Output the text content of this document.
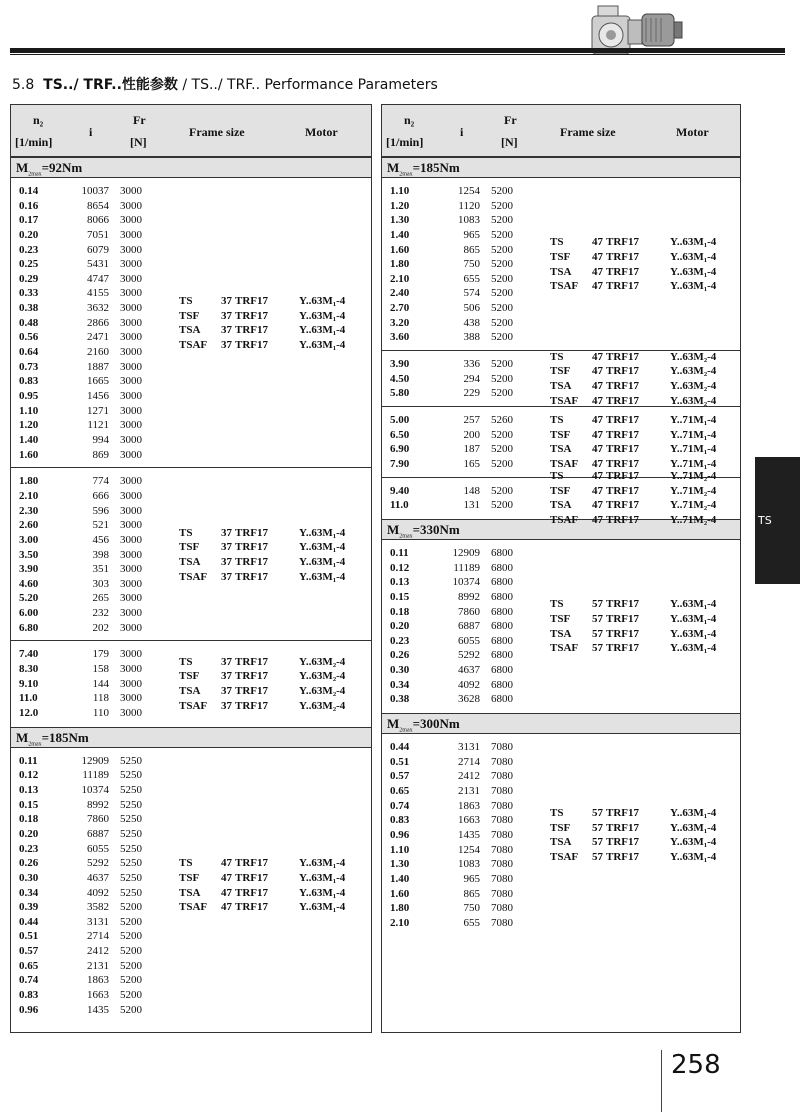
5.8 TS../ TRF..性能参数 / TS../ TRF.. Performance Parameters
n₂
[1/min]
i
Fr
[N]
Frame size	Motor
$M_{2max}=92Nm$
0.14	10037 3000
0.16	8654 3000
0.17	8066 3000
0.20	7051 3000
0.23	6079 3000
0.25	5431 3000
0.29	4747 3000
0.33	4155 3000
0.38	3632 3000
0.48	2866 3000
0.56	2471 3000
0.64	2160 3000
0.73	1887 3000
0.83	1665 3000
0.95	1456 3000
1.10	1271 3000
1.20	1121 3000
1.40	994 3000
1.60	869 3000
TS	37 TRF17	Y..63M₁-4
TSF 37 TRF17	Y..63M₁-4
TSA 37 TRF17	Y..63M₁-4
TSAF 37 TRF17	Y..63M₁-4
1.80	774 3000
2.10	666 3000
2.30	596 3000
2.60	521 3000
3.00	456 3000
3.50	398 3000
3.90	351 3000
4.60	303 3000
5.20	265 3000
6.00	232 3000
6.80	202 3000
TS	37 TRF17	Y..63M₁-4
TSF 37 TRF17	Y..63M₁-4
TSA 37 TRF17	Y..63M₁-4
TSAF 37 TRF17	Y..63M₁-4
7.40	179 3000
8.30	158 3000
9.10	144 3000
11.0	118 3000
12.0	110 3000
TS	37 TRF17	Y..63M₂-4
TSF 37 TRF17	Y..63M₂-4
TSA 37 TRF17	Y..63M₂-4
TSAF 37 TRF17	Y..63M₂-4
$M_{2max}=185Nm$
0.11	12909 5250
0.12	11189 5250
0.13	10374 5250
0.15	8992 5250
0.18	7860 5250
0.20	6887 5250
0.23	6055 5250
0.26	5292 5250
0.30	4637 5250
0.34	4092 5250
0.39	3582 5200
0.44	3131 5200
0.51	2714 5200
0.57	2412 5200
0.65	2131 5200
0.74	1863 5200
0.83	1663 5200
0.96	1435 5200
TS	47 TRF17	Y..63M₁-4
TSF 47 TRF17	Y..63M₁-4
TSA 47 TRF17	Y..63M₁-4
TSAF 47 TRF17	Y..63M₁-4
n₂
[1/min]
i
Fr
[N]
Frame size	Motor
$M_{2max}=185Nm$
1.10	1254 5200
1.20	1120 5200
1.30	1083 5200
1.40	965 5200
1.60	865 5200
1.80	750 5200
2.10	655 5200
2.40	574 5200
2.70	506 5200
3.20	438 5200
3.60	388 5200
TS	47 TRF17	Y..63M₁-4
TSF 47 TRF17	Y..63M₁-4
TSA 47 TRF17	Y..63M₁-4
TSAF 47 TRF17	Y..63M₁-4
3.90	336 5200
4.50	294 5200
5.80	229 5200
TS	47 TRF17	Y..63M₂-4
TSF 47 TRF17	Y..63M₂-4
TSA 47 TRF17	Y..63M₂-4
TSAF 47 TRF17	Y..63M₂-4
5.00	257 5260
6.50	200 5200
6.90	187 5200
7.90	165 5200
TS	47 TRF17	Y..71M₁-4
TSF 47 TRF17	Y..71M₁-4
TSA 47 TRF17	Y..71M₁-4
TSAF 47 TRF17	Y..71M₁-4
9.40	148 5200
11.0	131 5200
TS	47 TRF17	Y..71M₂-4
TSF 47 TRF17	Y..71M₂-4
TSA 47 TRF17	Y..71M₂-4
TSAF 47 TRF17	Y..71M₂-4
$M_{2max}=330Nm$
0.11	12909 6800
0.12	11189 6800
0.13	10374 6800
0.15	8992 6800
0.18	7860 6800
0.20	6887 6800
0.23	6055 6800
0.26	5292 6800
0.30	4637 6800
0.34	4092 6800
0.38	3628 6800
TS	57 TRF17	Y..63M₁-4
TSF 57 TRF17	Y..63M₁-4
TSA 57 TRF17	Y..63M₁-4
TSAF 57 TRF17	Y..63M₁-4
$M_{2max}=300Nm$
0.44	3131 7080
0.51	2714 7080
0.57	2412 7080
0.65	2131 7080
0.74	1863 7080
0.83	1663 7080
0.96	1435 7080
1.10	1254 7080
1.30	1083 7080
1.40	965 7080
1.60	865 7080
1.80	750 7080
2.10	655 7080
TS	57 TRF17	Y..63M₁-4
TSF 57 TRF17	Y..63M₁-4
TSA 57 TRF17	Y..63M₁-4
TSAF 57 TRF17	Y..63M₁-4
TS
258
